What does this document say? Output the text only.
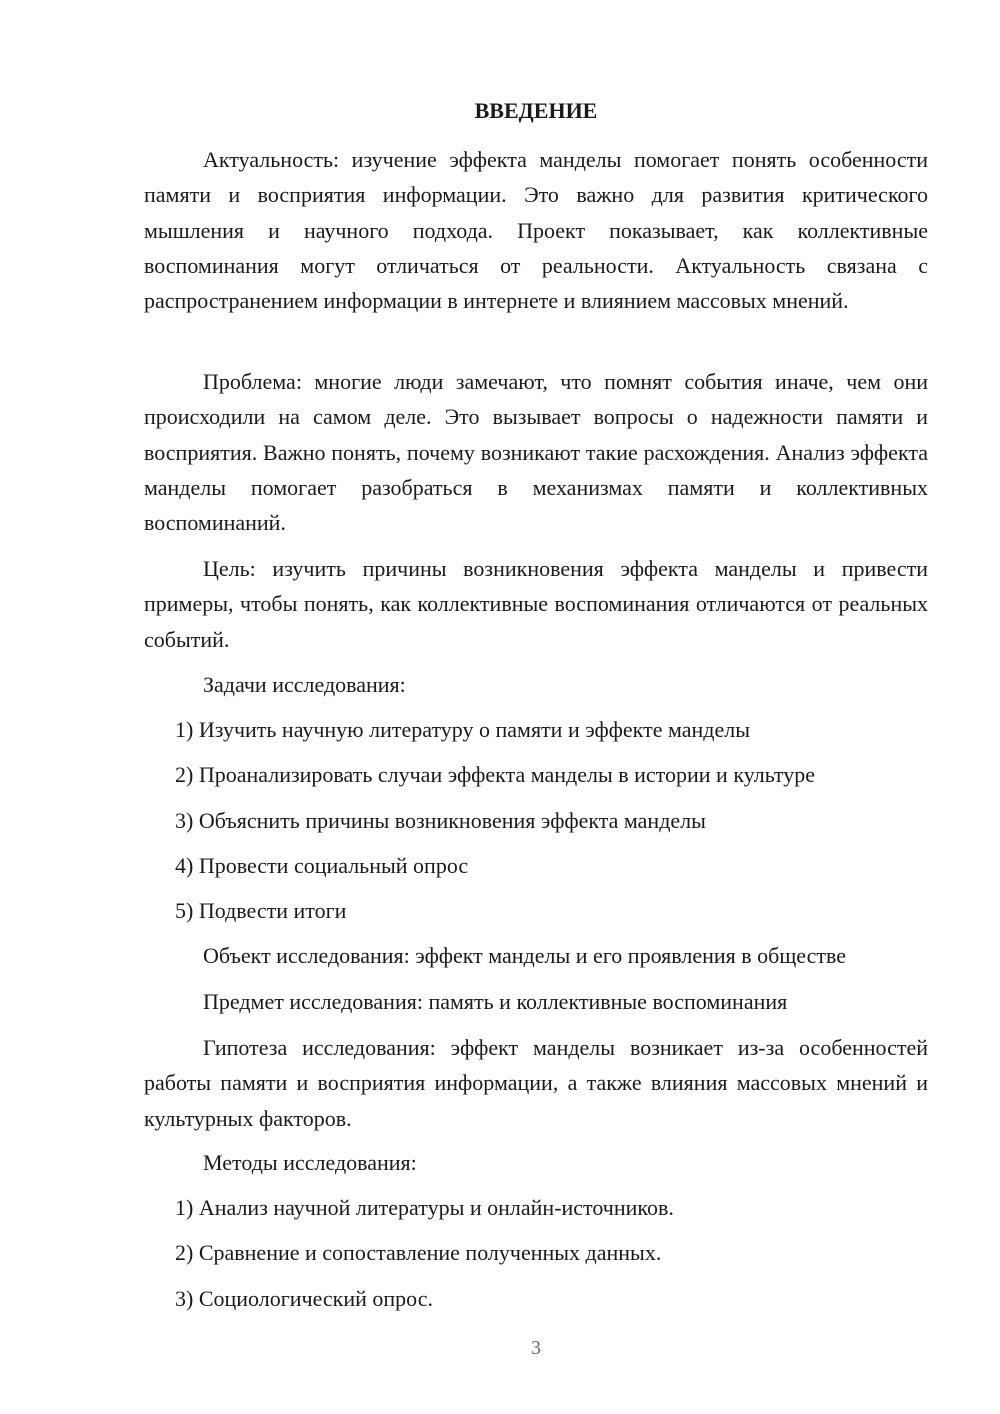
ВВЕДЕНИЕ

Актуальность: изучение эффекта манделы помогает понять особенности памяти и восприятия информации. Это важно для развития критического мышления и научного подхода. Проект показывает, как коллективные воспоминания могут отличаться от реальности. Актуальность связана с распространением информации в интернете и влиянием массовых мнений.

Проблема: многие люди замечают, что помнят события иначе, чем они происходили на самом деле. Это вызывает вопросы о надежности памяти и восприятия. Важно понять, почему возникают такие расхождения. Анализ эффекта манделы помогает разобраться в механизмах памяти и коллективных воспоминаний.

Цель: изучить причины возникновения эффекта манделы и привести примеры, чтобы понять, как коллективные воспоминания отличаются от реальных событий.

Задачи исследования:

1) Изучить научную литературу о памяти и эффекте манделы

2) Проанализировать случаи эффекта манделы в истории и культуре

3) Объяснить причины возникновения эффекта манделы

4) Провести социальный опрос

5) Подвести итоги

Объект исследования: эффект манделы и его проявления в обществе

Предмет исследования: память и коллективные воспоминания

Гипотеза исследования: эффект манделы возникает из-за особенностей работы памяти и восприятия информации, а также влияния массовых мнений и культурных факторов.

Методы исследования:

1) Анализ научной литературы и онлайн-источников.

2) Сравнение и сопоставление полученных данных.

3) Социологический опрос.

3
